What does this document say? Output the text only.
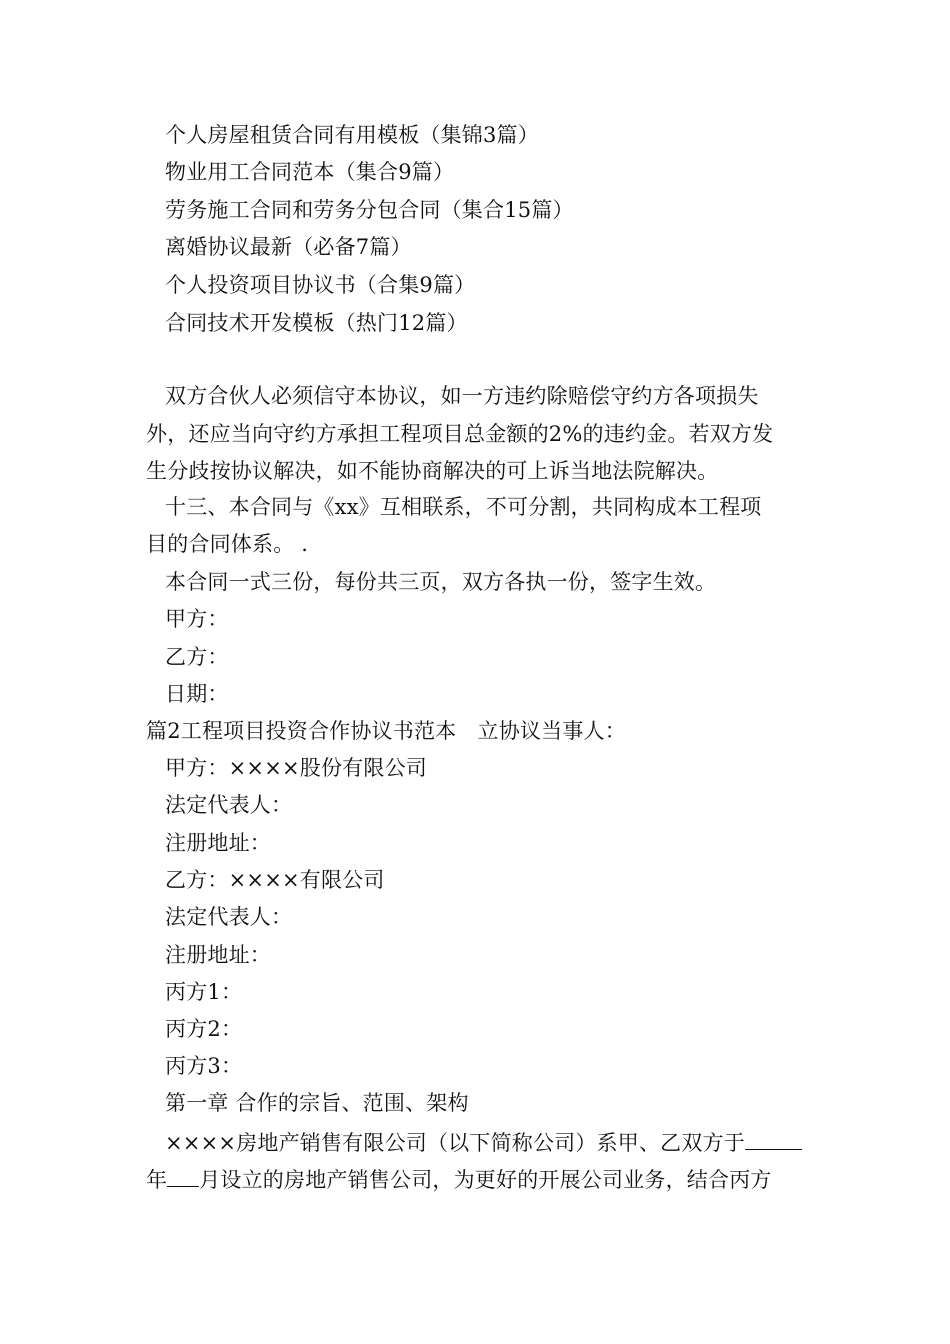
个人房屋租赁合同有用模板（集锦3篇）
物业用工合同范本（集合9篇）
劳务施工合同和劳务分包合同（集合15篇）
离婚协议最新（必备7篇）
个人投资项目协议书（合集9篇）
合同技术开发模板（热门12篇）
双方合伙人必须信守本协议，如一方违约除赔偿守约方各项损失
外，还应当向守约方承担工程项目总金额的2%的违约金。若双方发
生分歧按协议解决，如不能协商解决的可上诉当地法院解决。
十三、本合同与《xx》互相联系，不可分割，共同构成本工程项
目的合同体系。 .
本合同一式三份，每份共三页，双方各执一份，签字生效。
甲方：
乙方：
日期：
篇2工程项目投资合作协议书范本　立协议当事人：
甲方：××××股份有限公司
法定代表人：
注册地址：
乙方：××××有限公司
法定代表人：
注册地址：
丙方1：
丙方2：
丙方3：
第一章 合作的宗旨、范围、架构
××××房地产销售有限公司（以下简称公司）系甲、乙双方于
年 月设立的房地产销售公司，为更好的开展公司业务，结合丙方
